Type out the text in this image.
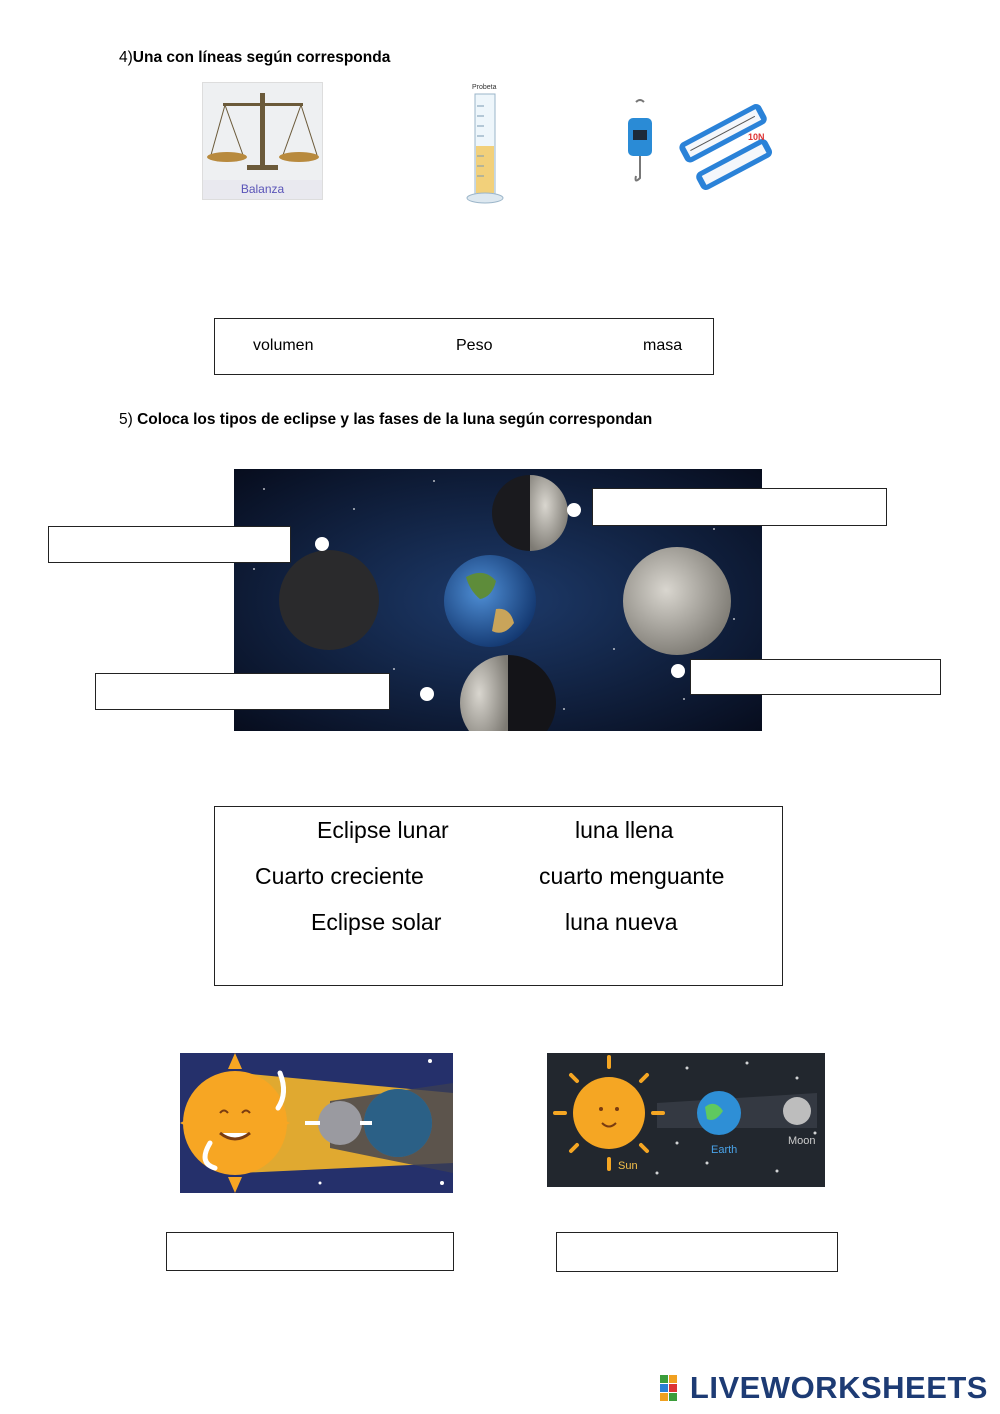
4)Una con líneas según corresponda
Balanza
Probeta
10N
volumen	Peso	masa
5) Coloca los tipos de eclipse y las fases de la luna según correspondan
Eclipse lunar	luna llena
Cuarto creciente	cuarto menguante
Eclipse solar	luna nueva
Sun
Earth
Moon
LIVEWORKSHEETS
